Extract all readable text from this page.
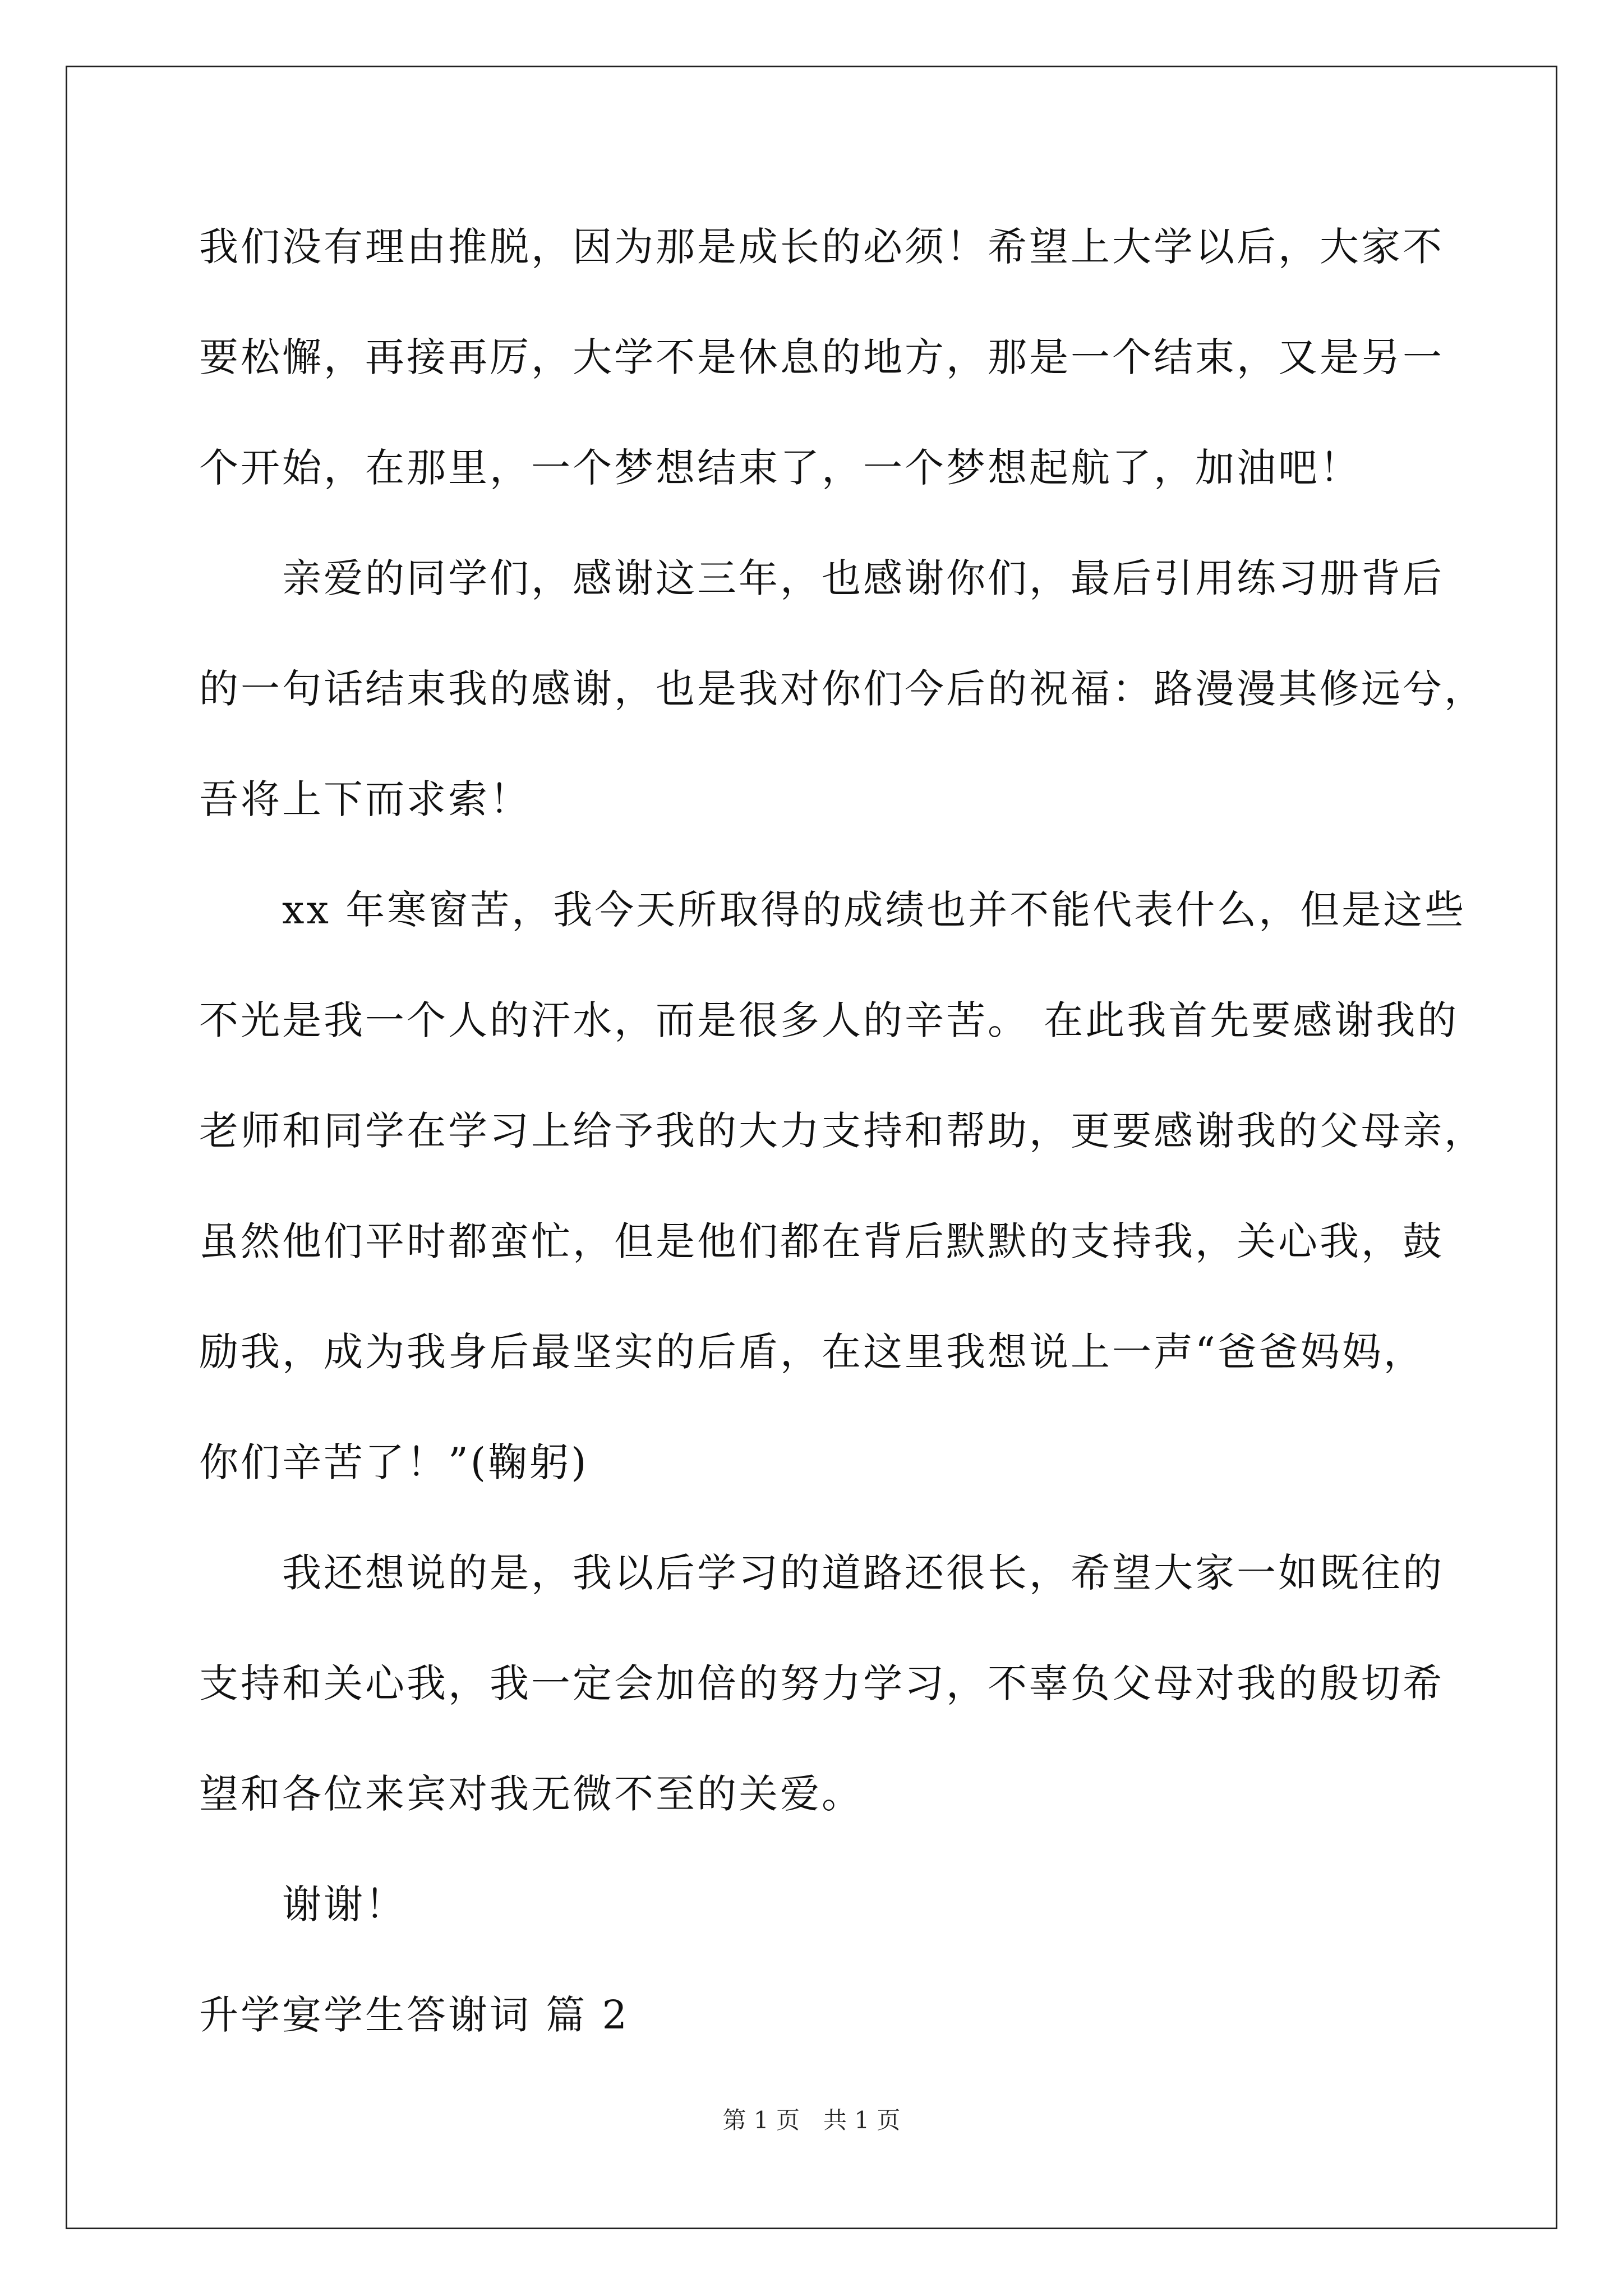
我们没有理由推脱，因为那是成长的必须！希望上大学以后，大家不
要松懈，再接再厉，大学不是休息的地方，那是一个结束，又是另一
个开始，在那里，一个梦想结束了，一个梦想起航了，加油吧！
亲爱的同学们，感谢这三年，也感谢你们，最后引用练习册背后
的一句话结束我的感谢，也是我对你们今后的祝福：路漫漫其修远兮，
吾将上下而求索！
xx 年寒窗苦，我今天所取得的成绩也并不能代表什么，但是这些
不光是我一个人的汗水，而是很多人的辛苦。 在此我首先要感谢我的
老师和同学在学习上给予我的大力支持和帮助，更要感谢我的父母亲，
虽然他们平时都蛮忙，但是他们都在背后默默的支持我，关心我，鼓
励我，成为我身后最坚实的后盾，在这里我想说上一声“爸爸妈妈，
你们辛苦了！”(鞠躬)
我还想说的是，我以后学习的道路还很长，希望大家一如既往的
支持和关心我，我一定会加倍的努力学习，不辜负父母对我的殷切希
望和各位来宾对我无微不至的关爱。
谢谢！
升学宴学生答谢词 篇 2
第 1 页　共 1 页
